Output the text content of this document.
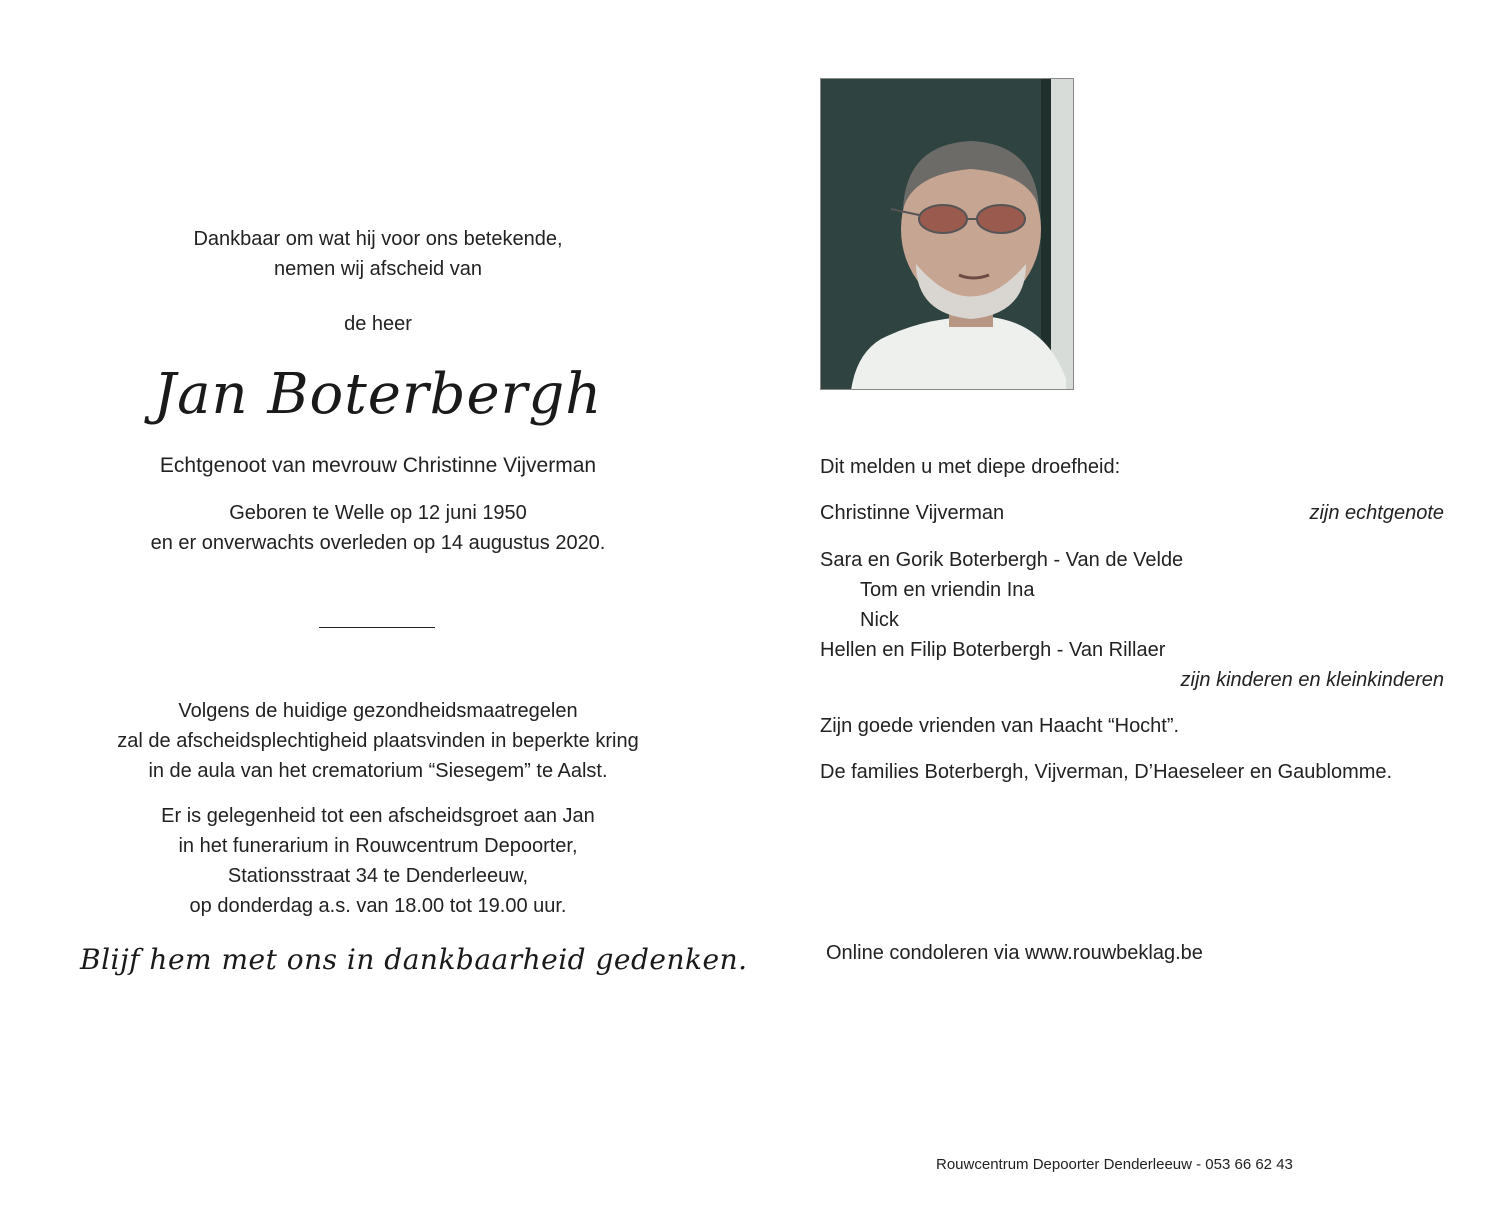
Dankbaar om wat hij voor ons betekende,
nemen wij afscheid van
de heer
Jan Boterbergh
Echtgenoot van mevrouw Christinne Vijverman
Geboren te Welle op 12 juni 1950
en er onverwachts overleden op 14 augustus 2020.
Volgens de huidige gezondheidsmaatregelen
zal de afscheidsplechtigheid plaatsvinden in beperkte kring
in de aula van het crematorium “Siesegem” te Aalst.
Er is gelegenheid tot een afscheidsgroet aan Jan
in het funerarium in Rouwcentrum Depoorter,
Stationsstraat 34 te Denderleeuw,
op donderdag a.s. van 18.00 tot 19.00 uur.
Blijf hem met ons in dankbaarheid gedenken.
Dit melden u met diepe droefheid:
Christinne Vijverman	zijn echtgenote
Sara en Gorik Boterbergh - Van de Velde
Tom en vriendin Ina
Nick
Hellen en Filip Boterbergh - Van Rillaer
zijn kinderen en kleinkinderen
Zijn goede vrienden van Haacht “Hocht”.
De families Boterbergh, Vijverman, D’Haeseleer en Gaublomme.
Online condoleren via www.rouwbeklag.be
Rouwcentrum Depoorter Denderleeuw - 053 66 62 43
